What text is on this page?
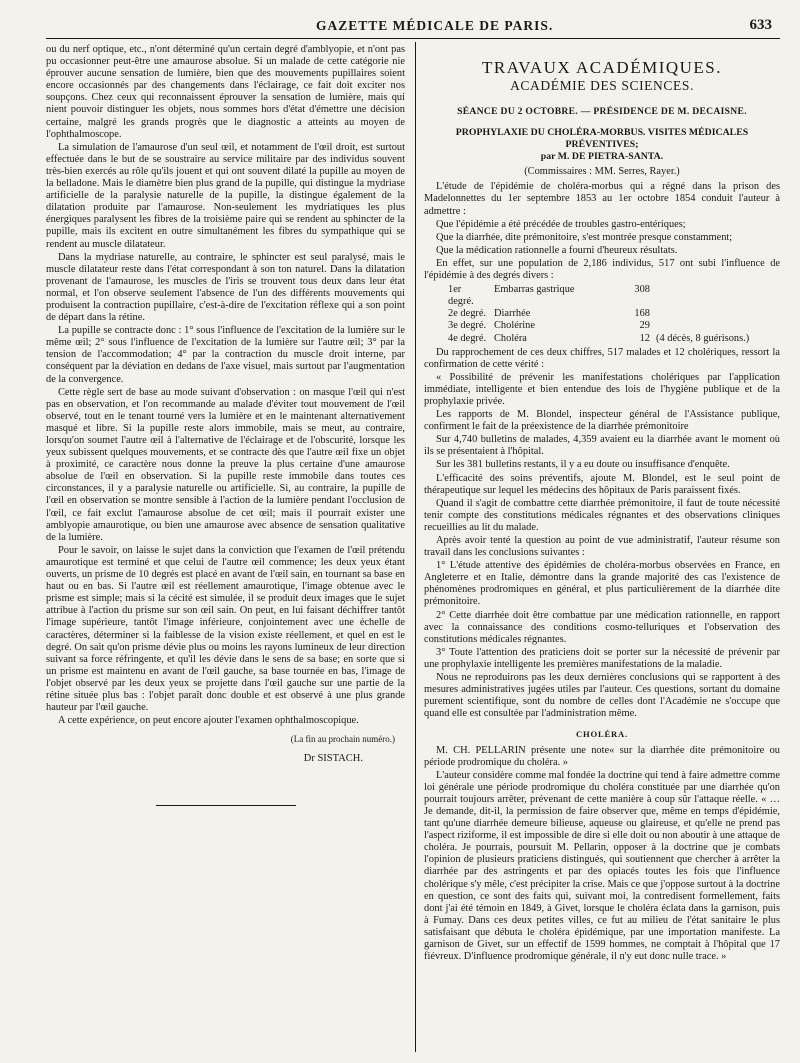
GAZETTE MÉDICALE DE PARIS.	633

ou du nerf optique, etc., n'ont déterminé qu'un certain degré d'amblyopie, et n'ont pas pu occasionner peut-être une amaurose absolue. Si un malade de cette catégorie nie éprouver aucune sensation de lumière, bien que des mouvements pupillaires soient encore occasionnés par des changements dans l'éclairage, ce fait doit exciter nos soupçons. Chez ceux qui reconnaissent éprouver la sensation de lumière, mais qui nient pouvoir distinguer les objets, nous sommes hors d'état d'émettre une décision certaine, malgré les grands progrès que le diagnostic a atteints au moyen de l'ophthalmoscope.

La simulation de l'amaurose d'un seul œil, et notamment de l'œil droit, est surtout effectuée dans le but de se soustraire au service militaire par des individus souvent très-bien exercés au rôle qu'ils jouent et qui ont souvent dilaté la pupille au moyen de la belladone. Mais le diamètre bien plus grand de la pupille, qui distingue la mydriase artificielle de la paralysie naturelle de la pupille, la distingue également de la dilatation produite par l'amaurose. Non-seulement les mydriatiques les plus énergiques paralysent les fibres de la troisième paire qui se rendent au sphincter de la pupille, mais ils excitent en outre simultanément les fibres du sympathique qui se rendent au muscle dilatateur.

Dans la mydriase naturelle, au contraire, le sphincter est seul paralysé, mais le muscle dilatateur reste dans l'état correspondant à son ton naturel. Dans la dilatation provenant de l'amaurose, les muscles de l'iris se trouvent tous deux dans leur état normal, et l'on observe seulement l'absence de l'un des différents mouvements qui produisent la contraction pupillaire, c'est-à-dire de l'excitation réflexe qui a son point de départ dans la rétine.

La pupille se contracte donc : 1° sous l'influence de l'excitation de la lumière sur le même œil; 2° sous l'influence de l'excitation de la lumière sur l'autre œil; 3° par la tension de l'accommodation; 4° par la contraction du muscle droit interne, par conséquent par la déviation en dedans de l'axe visuel, mais surtout par l'augmentation de la convergence.

Cette règle sert de base au mode suivant d'observation : on masque l'œil qui n'est pas en observation, et l'on recommande au malade d'éviter tout mouvement de l'œil observé, tout en le tenant tourné vers la lumière et en le maintenant alternativement masqué et libre. Si la pupille reste alors immobile, mais se meut, au contraire, lorsqu'on soumet l'autre œil à l'alternative de l'éclairage et de l'obscurité, lorsque les yeux subissent quelques mouvements, et se contracte dès que l'autre œil fixe un objet à proximité, ce caractère nous donne la preuve la plus certaine d'une amaurose absolue de l'œil en observation. Si la pupille reste immobile dans toutes ces circonstances, il y a paralysie naturelle ou artificielle. Si, au contraire, la pupille de l'œil en observation se montre sensible à l'action de la lumière pendant l'occlusion de l'œil, ce fait exclut l'amaurose absolue de cet œil; mais il pourrait exister une amblyopie amaurotique, ou bien une amaurose avec absence de sensation qualitative de la lumière.

Pour le savoir, on laisse le sujet dans la conviction que l'examen de l'œil prétendu amaurotique est terminé et que celui de l'autre œil commence; les deux yeux étant ouverts, un prisme de 10 degrés est placé en avant de l'œil sain, en tournant sa base en haut ou en bas. Si l'autre œil est réellement amaurotique, l'image obtenue avec le prisme est simple; mais si la cécité est simulée, il se produit deux images que le sujet attribue à l'action du prisme sur son œil sain. On peut, en lui faisant déchiffrer tantôt l'image supérieure, tantôt l'image inférieure, conjointement avec une échelle de caractères, déterminer si la faiblesse de la vision existe réellement, et quel en est le degré. On sait qu'on prisme dévie plus ou moins les rayons lumineux de leur direction suivant sa force réfringente, et qu'il les dévie dans le sens de sa base; en sorte que si un prisme est maintenu en avant de l'œil gauche, sa base tournée en bas, l'image de l'objet observé par les deux yeux se projette dans l'œil gauche sur une partie de la rétine située plus bas : l'objet paraît donc double et est observé à une plus grande hauteur par l'œil gauche.

A cette expérience, on peut encore ajouter l'examen ophthalmoscopique.

(La fin au prochain numéro.)

Dr SISTACH.

TRAVAUX ACADÉMIQUES.
ACADÉMIE DES SCIENCES.
SÉANCE DU 2 OCTOBRE. — PRÉSIDENCE DE M. DECAISNE.
PROPHYLAXIE DU CHOLÉRA-MORBUS. VISITES MÉDICALES PRÉVENTIVES;
par M. DE PIETRA-SANTA.
(Commissaires : MM. Serres, Rayer.)

L'étude de l'épidémie de choléra-morbus qui a régné dans la prison des Madelonnettes du 1er septembre 1853 au 1er octobre 1854 conduit l'auteur à admettre :

Que l'épidémie a été précédée de troubles gastro-entériques;

Que la diarrhée, dite prémonitoire, s'est montrée presque constamment;

Que la médication rationnelle a fourni d'heureux résultats.

En effet, sur une population de 2,186 individus, 517 ont subi l'influence de l'épidémie à des degrés divers :

1er degré.	Embarras gastrique	308	
2e degré.	Diarrhée	168	
3e degré.	Cholérine	29	
4e degré.	Choléra	12	(4 décès, 8 guérisons.)

Du rapprochement de ces deux chiffres, 517 malades et 12 cholériques, ressort la confirmation de cette vérité :

« Possibilité de prévenir les manifestations cholériques par l'application immédiate, intelligente et bien entendue des lois de l'hygiène publique et de la prophylaxie privée.

Les rapports de M. Blondel, inspecteur général de l'Assistance publique, confirment le fait de la préexistence de la diarrhée prémonitoire

Sur 4,740 bulletins de malades, 4,359 avaient eu la diarrhée avant le moment où ils se présentaient à l'hôpital.

Sur les 381 bulletins restants, il y a eu doute ou insuffisance d'enquête.

L'efficacité des soins préventifs, ajoute M. Blondel, est le seul point de thérapeutique sur lequel les médecins des hôpitaux de Paris paraissent fixés.

Quand il s'agit de combattre cette diarrhée prémonitoire, il faut de toute nécessité tenir compte des constitutions médicales régnantes et des observations cliniques recueillies au lit du malade.

Après avoir tenté la question au point de vue administratif, l'auteur résume son travail dans les conclusions suivantes :

1° L'étude attentive des épidémies de choléra-morbus observées en France, en Angleterre et en Italie, démontre dans la grande majorité des cas l'existence de phénomènes prodromiques en général, et plus particulièrement de la diarrhée dite prémonitoire.

2° Cette diarrhée doit être combattue par une médication rationnelle, en rapport avec la connaissance des conditions cosmo-telluriques et l'observation des constitutions médicales régnantes.

3° Toute l'attention des praticiens doit se porter sur la nécessité de prévenir par une prophylaxie intelligente les premières manifestations de la maladie.

Nous ne reproduirons pas les deux dernières conclusions qui se rapportent à des mesures administratives jugées utiles par l'auteur. Ces questions, sortant du domaine purement scientifique, sont du nombre de celles dont l'Académie ne s'occupe que quand elle est consultée par l'administration même.

CHOLÉRA.

M. CH. PELLARIN présente une note« sur la diarrhée dite prémonitoire ou période prodromique du choléra. »

L'auteur considère comme mal fondée la doctrine qui tend à faire admettre comme loi générale une période prodromique du choléra constituée par une diarrhée qu'on pourrait toujours arrêter, prévenant de cette manière à coup sûr l'attaque réelle. « …Je demande, dit-il, la permission de faire observer que, même en temps d'épidémie, tant qu'une diarrhée demeure bilieuse, aqueuse ou glaireuse, et qu'elle ne prend pas l'aspect riziforme, il est impossible de dire si elle doit ou non aboutir à une attaque de choléra. Je pourrais, poursuit M. Pellarin, opposer à la doctrine que je combats l'opinion de plusieurs praticiens distingués, qui soutiennent que chercher à arrêter la diarrhée par des astringents et par des opiacés toutes les fois que l'influence cholérique s'y mêle, c'est précipiter la crise. Mais ce que j'oppose surtout à la doctrine en question, ce sont des faits qui, suivant moi, la contredisent formellement, faits dont j'ai été témoin en 1849, à Givet, lorsque le choléra éclata dans la garnison, puis à Fumay. Dans ces deux petites villes, ce fut au milieu de l'état sanitaire le plus satisfaisant que débuta le choléra épidémique, par une importation manifeste. La garnison de Givet, sur un effectif de 1599 hommes, ne comptait à l'hôpital que 17 fiévreux. D'influence prodromique générale, il n'y eut donc nulle trace. »
